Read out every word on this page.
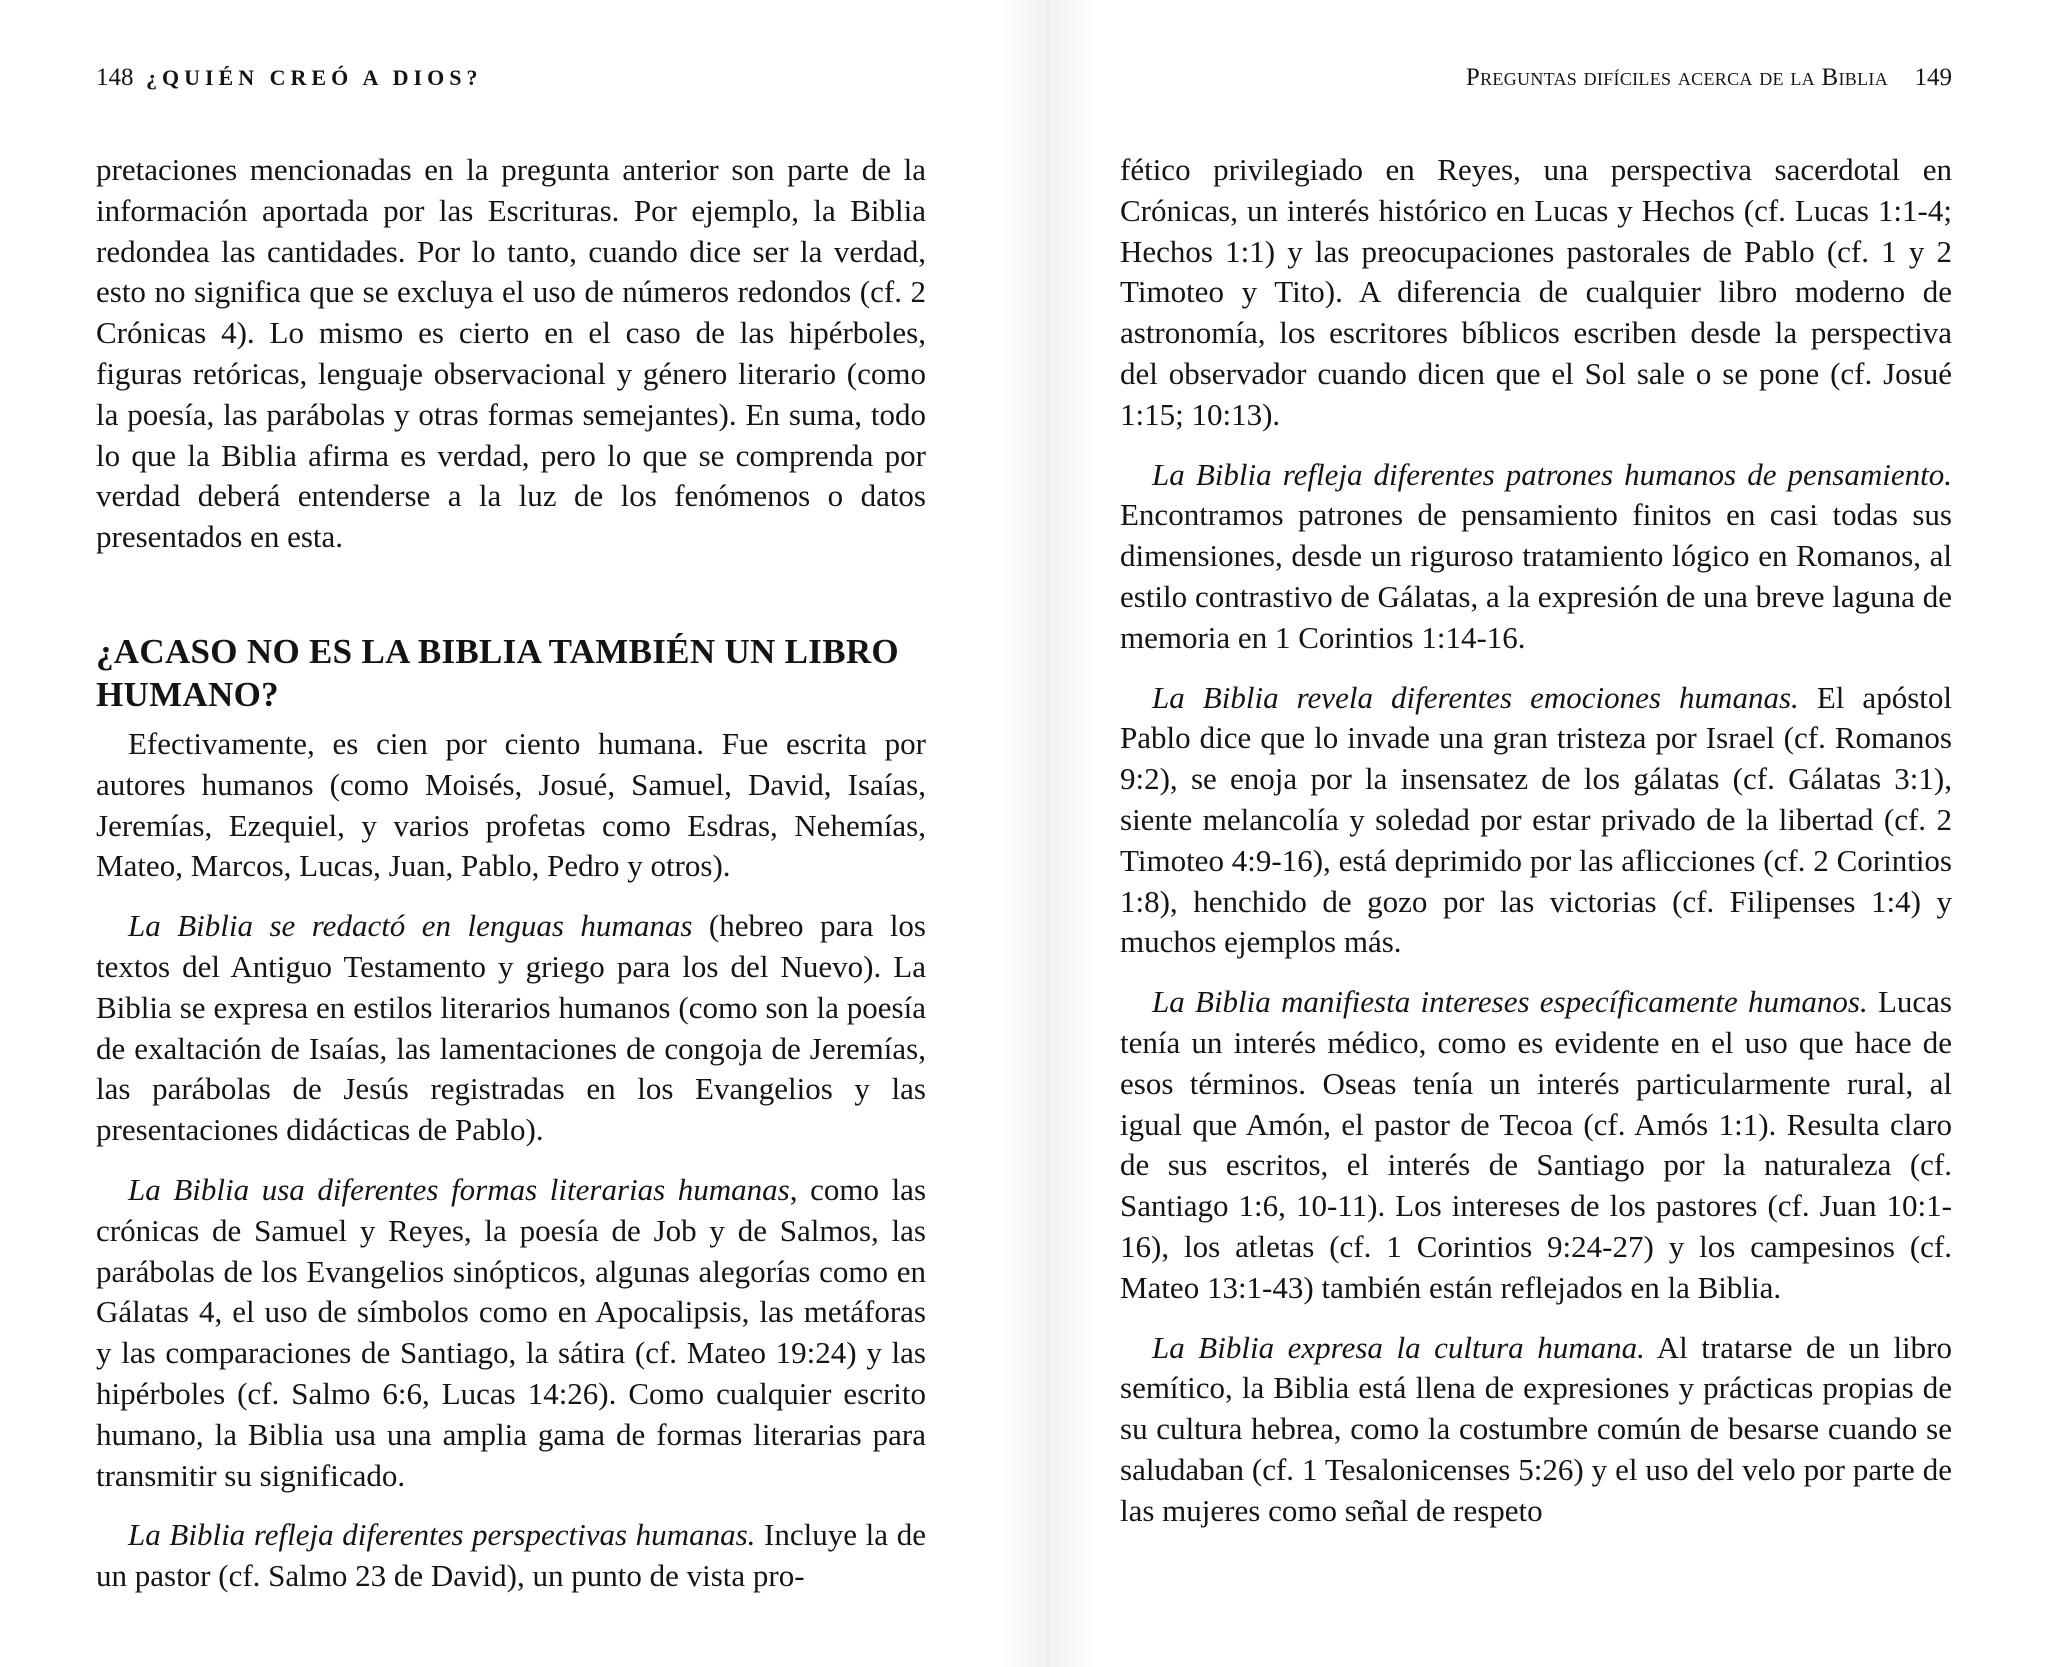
148 ¿QUIÉN CREÓ A DIOS?

pretaciones mencionadas en la pregunta anterior son parte de la información aportada por las Escrituras. Por ejemplo, la Biblia redondea las cantidades. Por lo tanto, cuando dice ser la verdad, esto no significa que se excluya el uso de números redondos (cf. 2 Crónicas 4). Lo mismo es cierto en el caso de las hipérboles, figuras retóricas, lenguaje observacional y género literario (como la poesía, las parábolas y otras formas semejantes). En suma, todo lo que la Biblia afirma es verdad, pero lo que se comprenda por verdad deberá entenderse a la luz de los fenómenos o datos presentados en esta.

¿ACASO NO ES LA BIBLIA TAMBIÉN UN LIBRO HUMANO?

Efectivamente, es cien por ciento humana. Fue escrita por autores humanos (como Moisés, Josué, Samuel, David, Isaías, Jeremías, Ezequiel, y varios profetas como Esdras, Nehemías, Mateo, Marcos, Lucas, Juan, Pablo, Pedro y otros).

La Biblia se redactó en lenguas humanas (hebreo para los textos del Antiguo Testamento y griego para los del Nuevo). La Biblia se expresa en estilos literarios humanos (como son la poesía de exaltación de Isaías, las lamentaciones de congoja de Jeremías, las parábolas de Jesús registradas en los Evangelios y las presentaciones didácticas de Pablo).

La Biblia usa diferentes formas literarias humanas, como las crónicas de Samuel y Reyes, la poesía de Job y de Salmos, las parábolas de los Evangelios sinópticos, algunas alegorías como en Gálatas 4, el uso de símbolos como en Apocalipsis, las metáforas y las comparaciones de Santiago, la sátira (cf. Mateo 19:24) y las hipérboles (cf. Salmo 6:6, Lucas 14:26). Como cualquier escrito humano, la Biblia usa una amplia gama de formas literarias para transmitir su significado.

La Biblia refleja diferentes perspectivas humanas. Incluye la de un pastor (cf. Salmo 23 de David), un punto de vista pro-

Preguntas difíciles acerca de la Biblia 149

fético privilegiado en Reyes, una perspectiva sacerdotal en Crónicas, un interés histórico en Lucas y Hechos (cf. Lucas 1:1-4; Hechos 1:1) y las preocupaciones pastorales de Pablo (cf. 1 y 2 Timoteo y Tito). A diferencia de cualquier libro moderno de astronomía, los escritores bíblicos escriben desde la perspectiva del observador cuando dicen que el Sol sale o se pone (cf. Josué 1:15; 10:13).

La Biblia refleja diferentes patrones humanos de pensamiento. Encontramos patrones de pensamiento finitos en casi todas sus dimensiones, desde un riguroso tratamiento lógico en Romanos, al estilo contrastivo de Gálatas, a la expresión de una breve laguna de memoria en 1 Corintios 1:14-16.

La Biblia revela diferentes emociones humanas. El apóstol Pablo dice que lo invade una gran tristeza por Israel (cf. Romanos 9:2), se enoja por la insensatez de los gálatas (cf. Gálatas 3:1), siente melancolía y soledad por estar privado de la libertad (cf. 2 Timoteo 4:9-16), está deprimido por las aflicciones (cf. 2 Corintios 1:8), henchido de gozo por las victorias (cf. Filipenses 1:4) y muchos ejemplos más.

La Biblia manifiesta intereses específicamente humanos. Lucas tenía un interés médico, como es evidente en el uso que hace de esos términos. Oseas tenía un interés particularmente rural, al igual que Amón, el pastor de Tecoa (cf. Amós 1:1). Resulta claro de sus escritos, el interés de Santiago por la naturaleza (cf. Santiago 1:6, 10-11). Los intereses de los pastores (cf. Juan 10:1-16), los atletas (cf. 1 Corintios 9:24-27) y los campesinos (cf. Mateo 13:1-43) también están reflejados en la Biblia.

La Biblia expresa la cultura humana. Al tratarse de un libro semítico, la Biblia está llena de expresiones y prácticas propias de su cultura hebrea, como la costumbre común de besarse cuando se saludaban (cf. 1 Tesalonicenses 5:26) y el uso del velo por parte de las mujeres como señal de respeto
